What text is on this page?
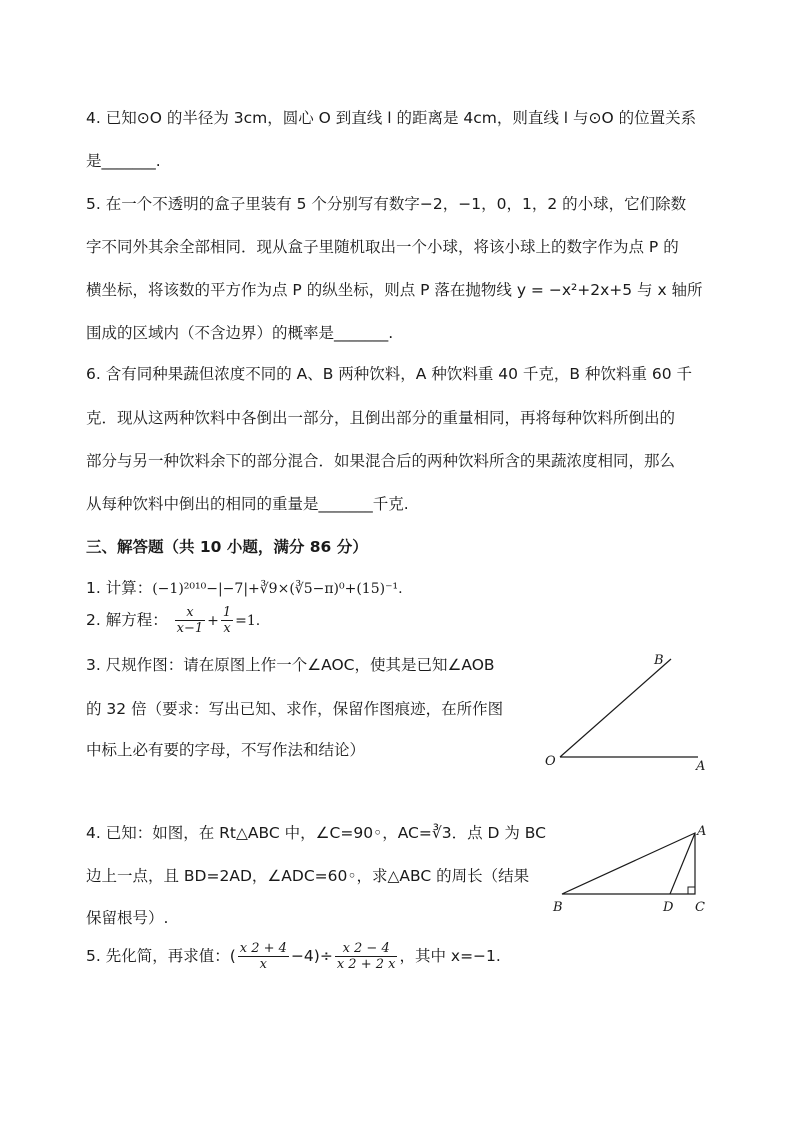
4. 已知⊙O 的半径为 3cm，圆心 O 到直线 l 的距离是 4cm，则直线 l 与⊙O 的位置关系
是_______.
5. 在一个不透明的盒子里装有 5 个分别写有数字−2，−1，0，1，2 的小球，它们除数
字不同外其余全部相同．现从盒子里随机取出一个小球，将该小球上的数字作为点 P 的
横坐标，将该数的平方作为点 P 的纵坐标，则点 P 落在抛物线 y = −x²+2x+5 与 x 轴所
围成的区域内（不含边界）的概率是_______.
6. 含有同种果蔬但浓度不同的 A、B 两种饮料，A 种饮料重 40 千克，B 种饮料重 60 千
克．现从这两种饮料中各倒出一部分，且倒出部分的重量相同，再将每种饮料所倒出的
部分与另一种饮料余下的部分混合．如果混合后的两种饮料所含的果蔬浓度相同，那么
从每种饮料中倒出的相同的重量是_______千克.
三、解答题（共 10 小题，满分 86 分）
1. 计算：(−1)²⁰¹⁰−|−7|+∛9×(∛5−π)⁰+(15)⁻¹.
2. 解方程： $\frac{x}{x-1} + \frac{1}{x} =1$.
3. 尺规作图：请在原图上作一个∠AOC，使其是已知∠AOB
的 32 倍（要求：写出已知、求作，保留作图痕迹，在所作图
中标上必有要的字母，不写作法和结论）
B
O	A
4. 已知：如图，在 Rt△ABC 中，∠C=90◦，AC=∛3．点 D 为 BC
边上一点，且 BD=2AD，∠ADC=60◦，求△ABC 的周长（结果
保留根号）.
A
B	D C
5. 先化简，再求值：( $\frac{x 2 + 4}{x} -4)\div \frac{x 2 - 4}{x 2 + 2 x}$ ，其中 x=−1.
